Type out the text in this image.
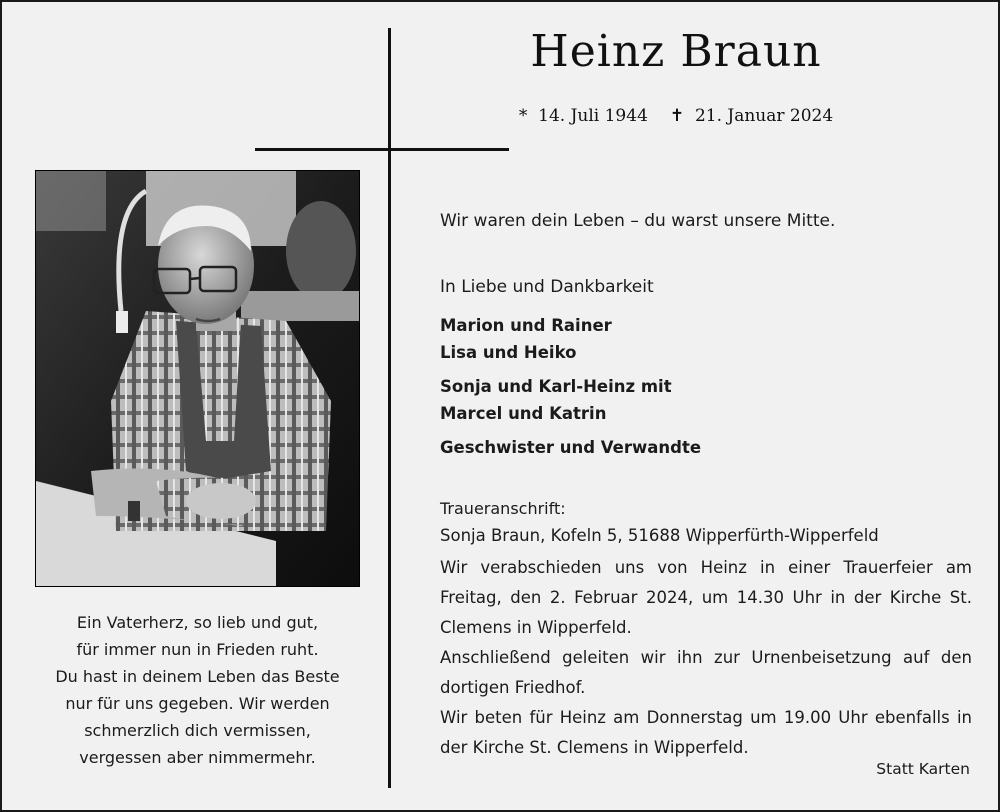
Heinz Braun
*  14. Juli 1944 ✝  21. Januar 2024
Wir waren dein Leben – du warst unsere Mitte.
In Liebe und Dankbarkeit
Marion und Rainer
Lisa und Heiko
Sonja und Karl-Heinz mit
Marcel und Katrin
Geschwister und Verwandte
Traueranschrift:
Sonja Braun, Kofeln 5, 51688 Wipperfürth-Wipperfeld

Wir verabschieden uns von Heinz in einer Trauerfeier am Freitag, den 2. Februar 2024, um 14.30 Uhr in der Kirche St. Clemens in Wipperfeld.

Anschließend geleiten wir ihn zur Urnenbeisetzung auf den dortigen Friedhof.

Wir beten für Heinz am Donnerstag um 19.00 Uhr ebenfalls in der Kirche St. Clemens in Wipperfeld.

Statt Karten
Ein Vaterherz, so lieb und gut,
für immer nun in Frieden ruht.
Du hast in deinem Leben das Beste
nur für uns gegeben. Wir werden
schmerzlich dich vermissen,
vergessen aber nimmermehr.
